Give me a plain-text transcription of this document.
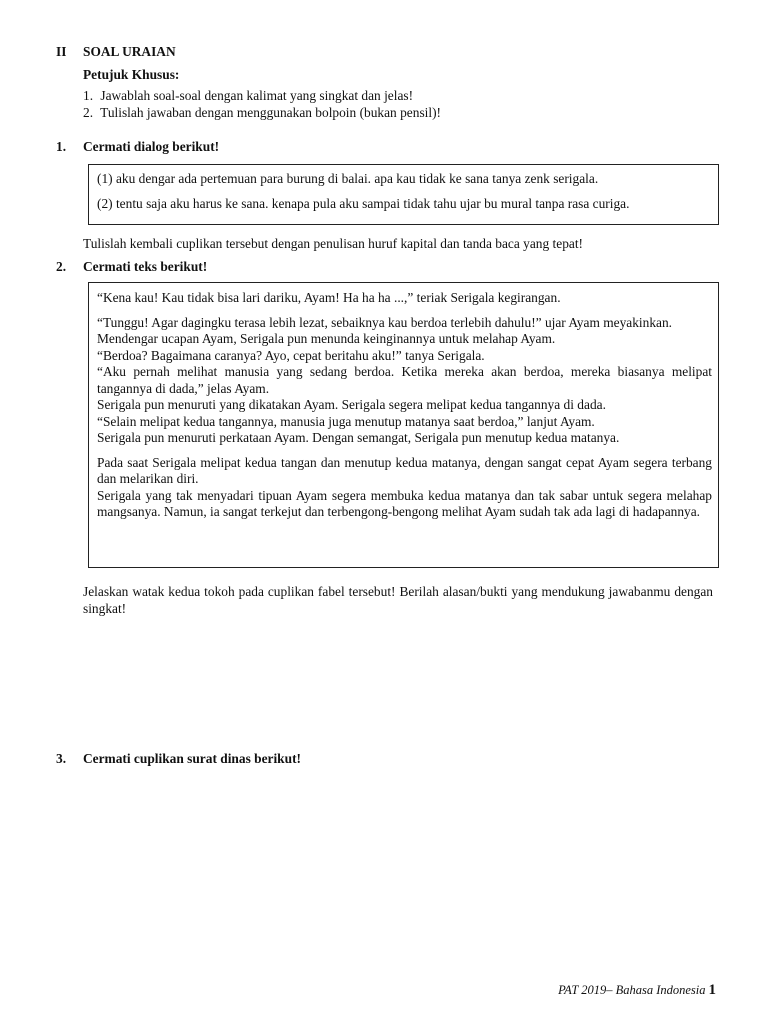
II SOAL URAIAN
Petujuk Khusus:
1. Jawablah soal-soal dengan kalimat yang singkat dan jelas!
2. Tulislah jawaban dengan menggunakan bolpoin (bukan pensil)!
1. Cermati dialog berikut!

(1) aku dengar ada pertemuan para burung di balai. apa kau tidak ke sana tanya zenk serigala.

(2) tentu saja aku harus ke sana. kenapa pula aku sampai tidak tahu ujar bu mural tanpa rasa curiga.

Tulislah kembali cuplikan tersebut dengan penulisan huruf kapital dan tanda baca yang tepat!
2. Cermati teks berikut!

“Kena kau! Kau tidak bisa lari dariku, Ayam! Ha ha ha ...,” teriak Serigala kegirangan.

“Tunggu! Agar dagingku terasa lebih lezat, sebaiknya kau berdoa terlebih dahulu!” ujar Ayam meyakinkan.

Mendengar ucapan Ayam, Serigala pun menunda keinginannya untuk melahap Ayam.

“Berdoa? Bagaimana caranya? Ayo, cepat beritahu aku!” tanya Serigala.

“Aku pernah melihat manusia yang sedang berdoa. Ketika mereka akan berdoa, mereka biasanya melipat tangannya di dada,” jelas Ayam.

Serigala pun menuruti yang dikatakan Ayam. Serigala segera melipat kedua tangannya di dada.

“Selain melipat kedua tangannya, manusia juga menutup matanya saat berdoa,” lanjut Ayam.

Serigala pun menuruti perkataan Ayam. Dengan semangat, Serigala pun menutup kedua matanya.

Pada saat Serigala melipat kedua tangan dan menutup kedua matanya, dengan sangat cepat Ayam segera terbang dan melarikan diri.

Serigala yang tak menyadari tipuan Ayam segera membuka kedua matanya dan tak sabar untuk segera melahap mangsanya. Namun, ia sangat terkejut dan terbengong-bengong melihat Ayam sudah tak ada lagi di hadapannya.

Jelaskan watak kedua tokoh pada cuplikan fabel tersebut! Berilah alasan/bukti yang mendukung jawabanmu dengan singkat!
3. Cermati cuplikan surat dinas berikut!
PAT 2019– Bahasa Indonesia 1
